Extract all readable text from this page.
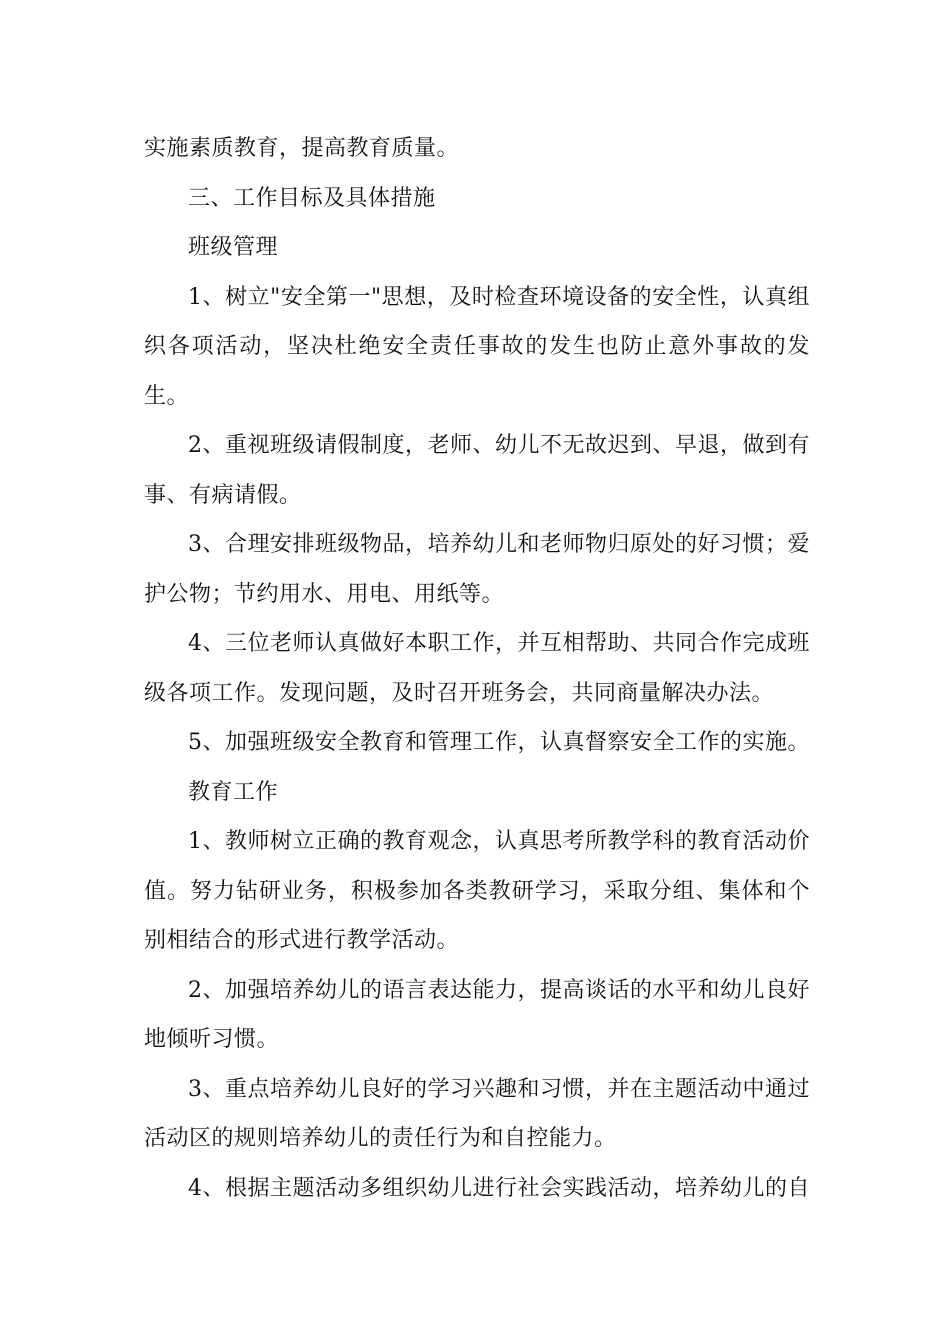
实施素质教育，提高教育质量。

三、工作目标及具体措施

班级管理

1、树立"安全第一"思想，及时检查环境设备的安全性，认真组织各项活动，坚决杜绝安全责任事故的发生也防止意外事故的发生。

2、重视班级请假制度，老师、幼儿不无故迟到、早退，做到有事、有病请假。

3、合理安排班级物品，培养幼儿和老师物归原处的好习惯；爱护公物；节约用水、用电、用纸等。

4、三位老师认真做好本职工作，并互相帮助、共同合作完成班级各项工作。发现问题，及时召开班务会，共同商量解决办法。

5、加强班级安全教育和管理工作，认真督察安全工作的实施。

教育工作

1、教师树立正确的教育观念，认真思考所教学科的教育活动价值。努力钻研业务，积极参加各类教研学习，采取分组、集体和个别相结合的形式进行教学活动。

2、加强培养幼儿的语言表达能力，提高谈话的水平和幼儿良好地倾听习惯。

3、重点培养幼儿良好的学习兴趣和习惯，并在主题活动中通过活动区的规则培养幼儿的责任行为和自控能力。

4、根据主题活动多组织幼儿进行社会实践活动，培养幼儿的自
